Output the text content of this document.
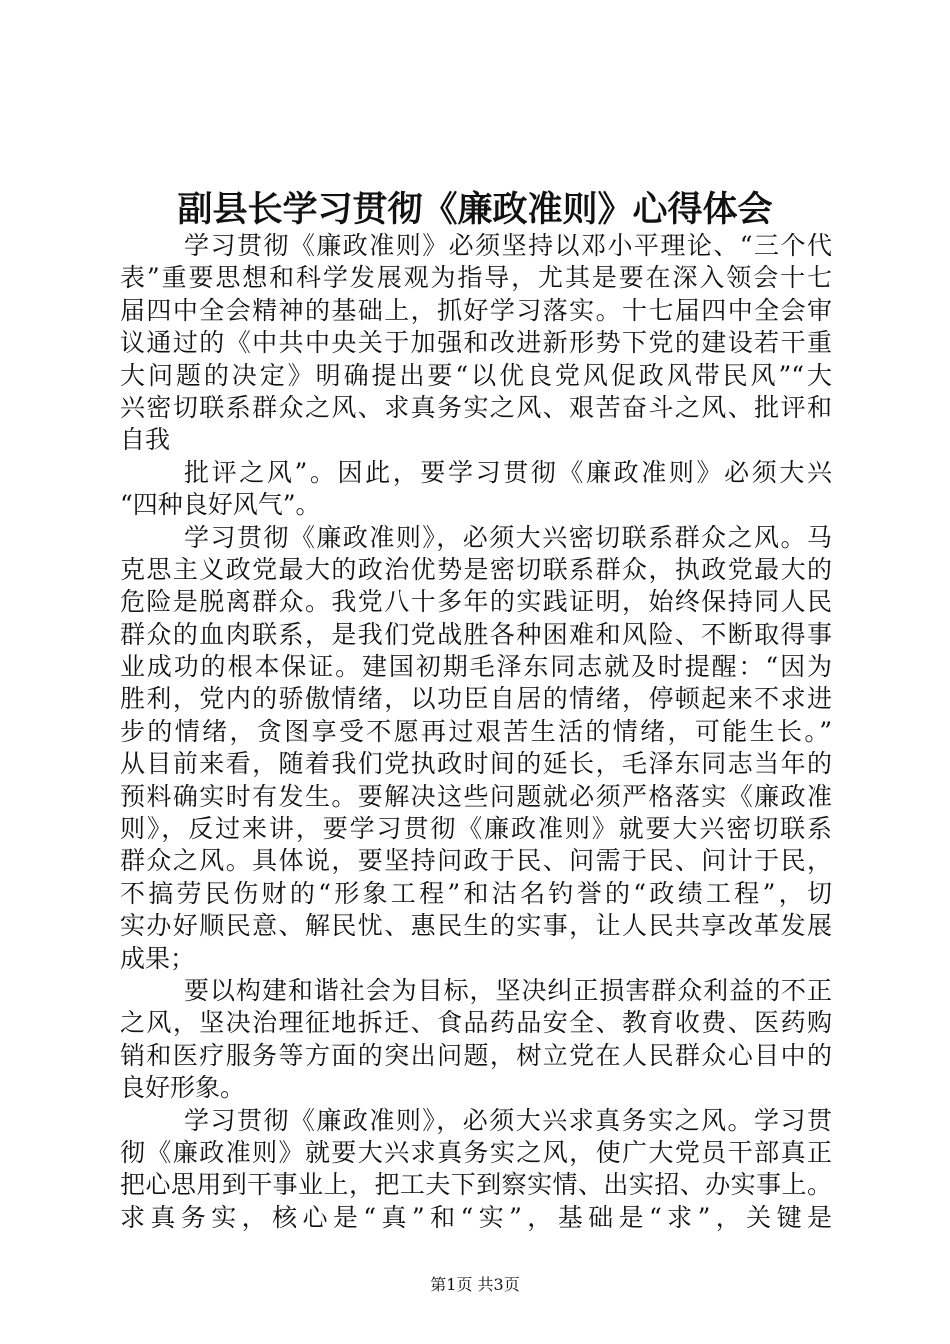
副县长学习贯彻《廉政准则》心得体会
学习贯彻《廉政准则》必须坚持以邓小平理论、“三个代
表”重要思想和科学发展观为指导，尤其是要在深入领会十七
届四中全会精神的基础上，抓好学习落实。十七届四中全会审
议通过的《中共中央关于加强和改进新形势下党的建设若干重
大问题的决定》明确提出要“以优良党风促政风带民风”“大
兴密切联系群众之风、求真务实之风、艰苦奋斗之风、批评和
自我
批评之风”。因此，要学习贯彻《廉政准则》必须大兴
“四种良好风气”。
学习贯彻《廉政准则》，必须大兴密切联系群众之风。马
克思主义政党最大的政治优势是密切联系群众，执政党最大的
危险是脱离群众。我党八十多年的实践证明，始终保持同人民
群众的血肉联系，是我们党战胜各种困难和风险、不断取得事
业成功的根本保证。建国初期毛泽东同志就及时提醒：“因为
胜利，党内的骄傲情绪，以功臣自居的情绪，停顿起来不求进
步的情绪，贪图享受不愿再过艰苦生活的情绪，可能生长。”
从目前来看，随着我们党执政时间的延长，毛泽东同志当年的
预料确实时有发生。要解决这些问题就必须严格落实《廉政准
则》，反过来讲，要学习贯彻《廉政准则》就要大兴密切联系
群众之风。具体说，要坚持问政于民、问需于民、问计于民，
不搞劳民伤财的“形象工程”和沽名钓誉的“政绩工程”，切
实办好顺民意、解民忧、惠民生的实事，让人民共享改革发展
成果；
要以构建和谐社会为目标，坚决纠正损害群众利益的不正
之风，坚决治理征地拆迁、食品药品安全、教育收费、医药购
销和医疗服务等方面的突出问题，树立党在人民群众心目中的
良好形象。
学习贯彻《廉政准则》，必须大兴求真务实之风。学习贯
彻《廉政准则》就要大兴求真务实之风，使广大党员干部真正
把心思用到干事业上，把工夫下到察实情、出实招、办实事上。
求真务实，核心是“真”和“实”，基础是“求”，关键是
第1页 共3页
